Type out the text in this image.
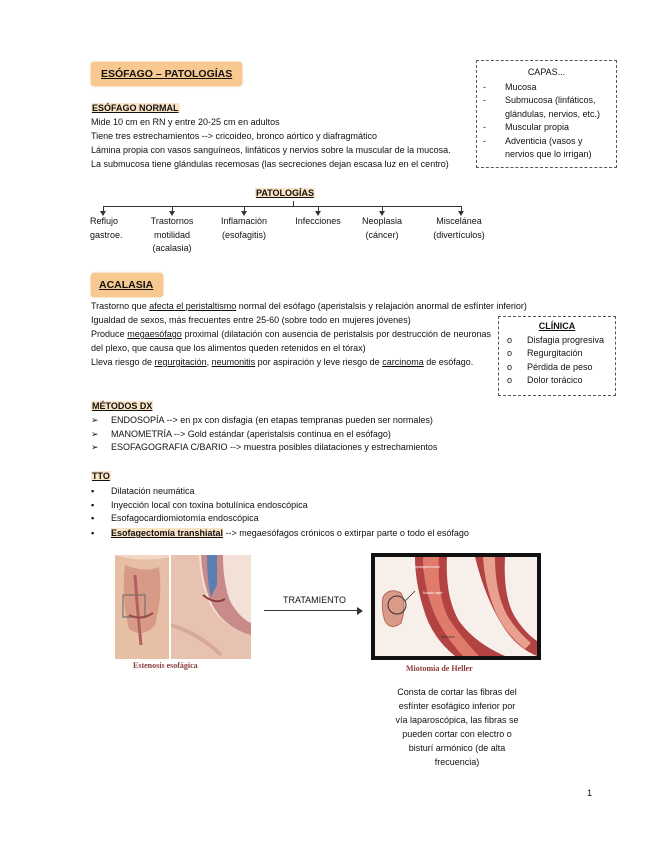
ESÓFAGO – PATOLOGÍAS	CAPAS...
- Mucosa
- Submucosa (linfáticos,
glándulas, nervios, etc.)
- Muscular propia
- Adventicia (vasos y
nervios que lo irrigan)
ESÓFAGO NORMAL
Mide 10 cm en RN y entre 20-25 cm en adultos
Tiene tres estrechamientos --> cricoideo, bronco aórtico y diafragmático
Lámina propia con vasos sanguíneos, linfáticos y nervios sobre la muscular de la mucosa.
La submucosa tiene glándulas recemosas (las secreciones dejan escasa luz en el centro)
PATOLOGÍAS
Reflujo
gastroe.
Trastornos
motilidad
(acalasia)
Inflamación
(esofagitis)
Infecciones	Neoplasia
(cáncer)
Miscelánea
(divertículos)
ACALASIA
Trastorno que afecta el peristaltismo normal del esófago (aperistalsis y relajación anormal de esfínter inferior)
Igualdad de sexos, más frecuentes entre 25-60 (sobre todo en mujeres jóvenes)
Produce megaesófago proximal (dilatación con ausencia de peristalsis por destrucción de neuronas del plexo, que causa que los alimentos queden retenidos en el tórax)
Lleva riesgo de regurgitación, neumonitis por aspiración y leve riesgo de carcinoma de esófago.
CLÍNICA
o Disfagia progresiva
o Regurgitación
o Pérdida de peso
o Dolor torácico
MÉTODOS DX
➢ ENDOSOPÍA --> en px con disfagia (en etapas tempranas pueden ser normales)
➢ MANOMETRÍA --> Gold estándar (aperistalsis continua en el esófago)
➢ ESOFAGOGRAFIA C/BARIO --> muestra posibles dilataciones y estrechamientos
TTO
▪ Dilatación neumática
▪ Inyección local con toxina botulínica endoscópica
▪ Esofagocardiomiotomía endoscópica
▪ Esofagectomía transhiatal --> megaesófagos crónicos o extirpar parte o todo el esófago
Estenosis esofágica
TRATAMIENTO
Esophageal lumen
Muscle layer
Stomach
Miotomía de Heller
Consta de cortar las fibras del
esfínter esofágico inferior por
vía laparoscópica, las fibras se
pueden cortar con electro o
bisturí armónico (de alta
frecuencia)
1
